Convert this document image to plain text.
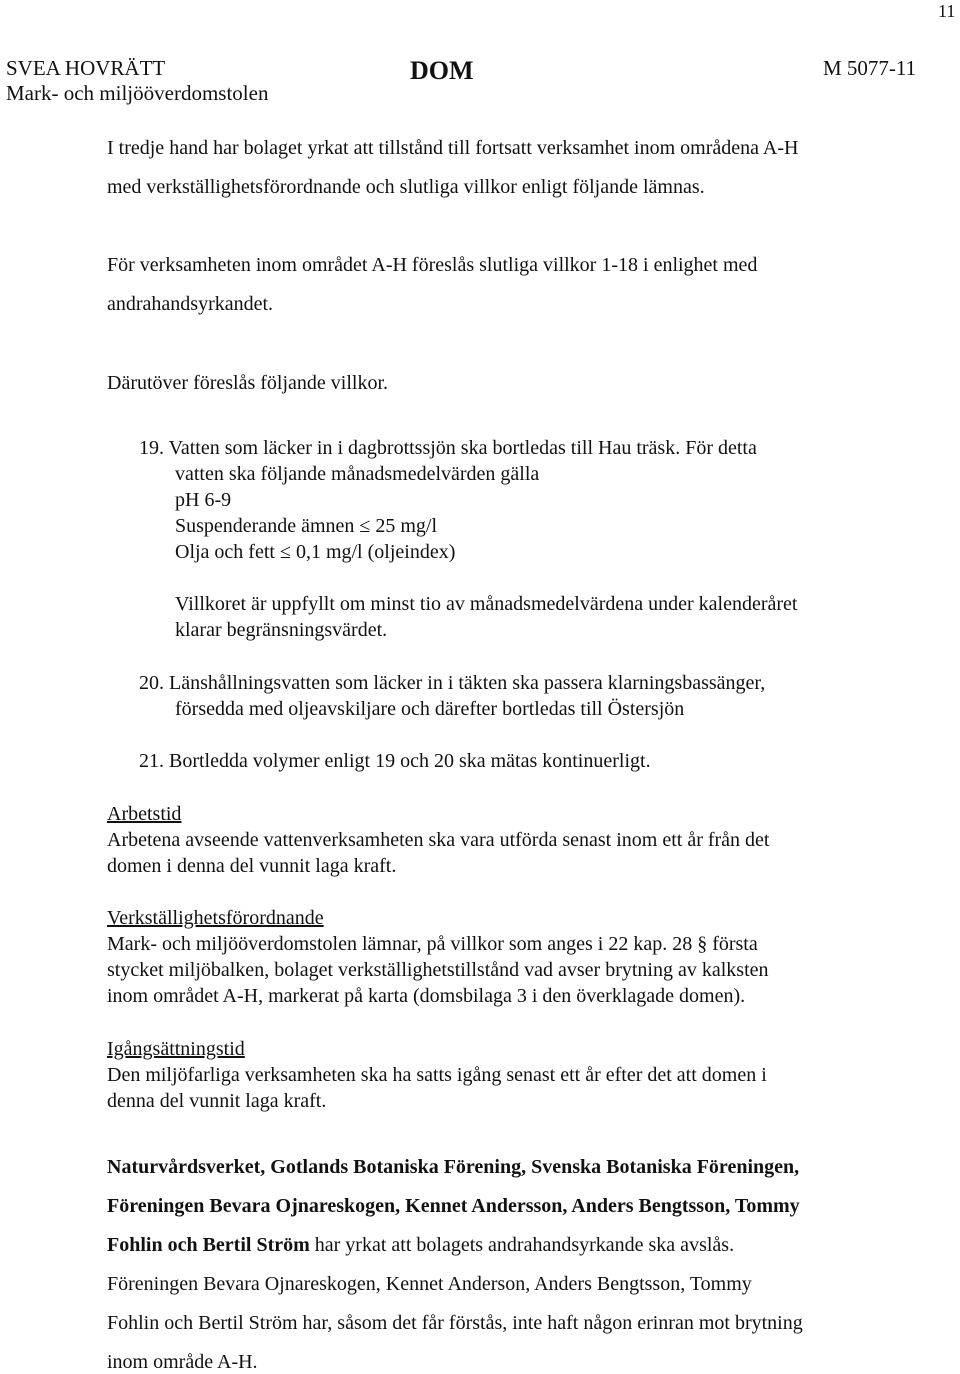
11
SVEA HOVRÄTT
Mark- och miljööverdomstolen
DOM	M 5077-11
I tredje hand har bolaget yrkat att tillstånd till fortsatt verksamhet inom områdena A-H
med verkställighetsförordnande och slutliga villkor enligt följande lämnas.
För verksamheten inom området A-H föreslås slutliga villkor 1-18 i enlighet med
andrahandsyrkandet.
Därutöver föreslås följande villkor.
19. Vatten som läcker in i dagbrottssjön ska bortledas till Hau träsk. För detta
vatten ska följande månadsmedelvärden gälla
pH 6-9
Suspenderande ämnen ≤ 25 mg/l
Olja och fett ≤ 0,1 mg/l (oljeindex)
Villkoret är uppfyllt om minst tio av månadsmedelvärdena under kalenderåret
klarar begränsningsvärdet.
20. Länshållningsvatten som läcker in i täkten ska passera klarningsbassänger,
försedda med oljeavskiljare och därefter bortledas till Östersjön
21. Bortledda volymer enligt 19 och 20 ska mätas kontinuerligt.
Arbetstid
Arbetena avseende vattenverksamheten ska vara utförda senast inom ett år från det
domen i denna del vunnit laga kraft.
Verkställighetsförordnande
Mark- och miljööverdomstolen lämnar, på villkor som anges i 22 kap. 28 § första
stycket miljöbalken, bolaget verkställighetstillstånd vad avser brytning av kalksten
inom området A-H, markerat på karta (domsbilaga 3 i den överklagade domen).
Igångsättningstid
Den miljöfarliga verksamheten ska ha satts igång senast ett år efter det att domen i
denna del vunnit laga kraft.
Naturvårdsverket, Gotlands Botaniska Förening, Svenska Botaniska Föreningen,
Föreningen Bevara Ojnareskogen, Kennet Andersson, Anders Bengtsson, Tommy
Fohlin och Bertil Ström har yrkat att bolagets andrahandsyrkande ska avslås.
Föreningen Bevara Ojnareskogen, Kennet Anderson, Anders Bengtsson, Tommy
Fohlin och Bertil Ström har, såsom det får förstås, inte haft någon erinran mot brytning
inom område A-H.
